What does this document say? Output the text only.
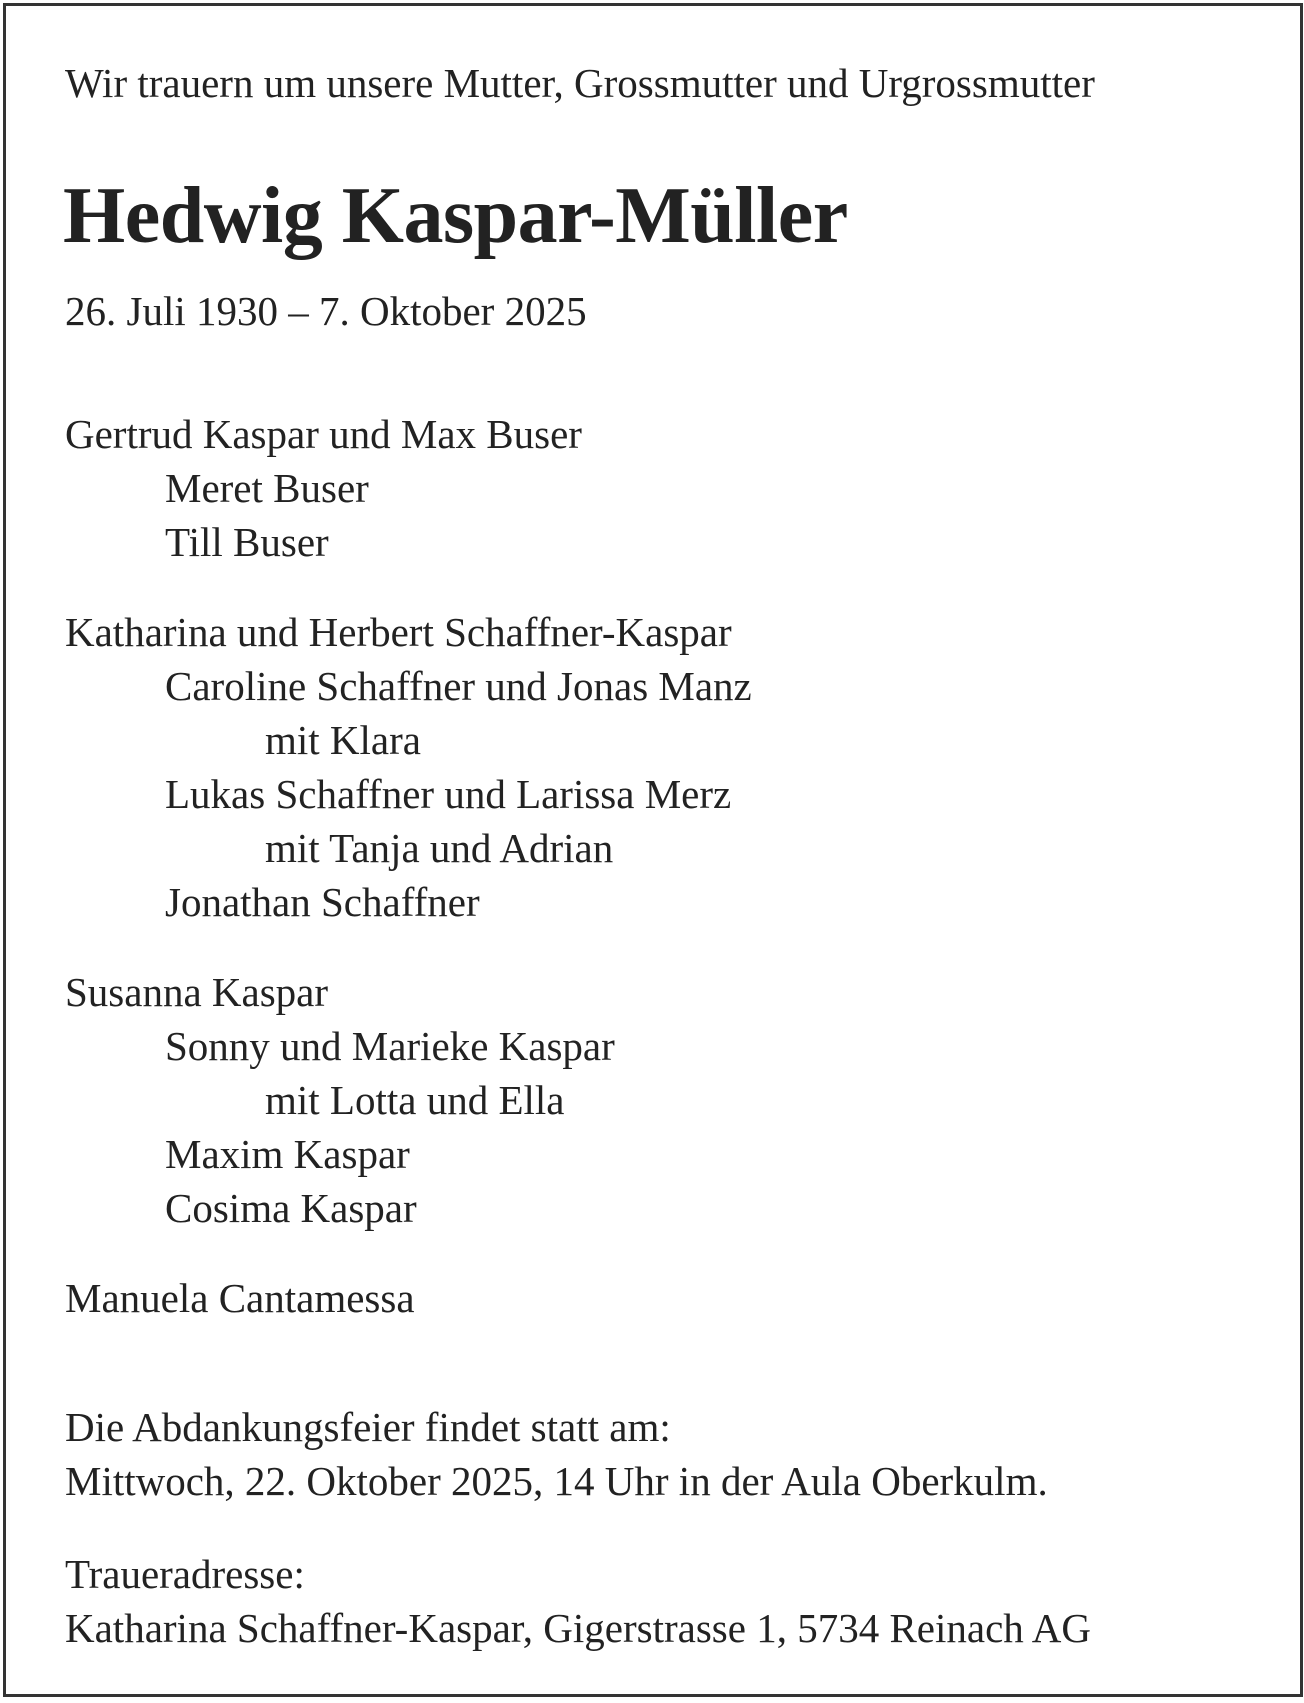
Wir trauern um unsere Mutter, Grossmutter und Urgrossmutter
Hedwig Kaspar-Müller
26. Juli 1930 – 7. Oktober 2025
Gertrud Kaspar und Max Buser
Meret Buser
Till Buser
Katharina und Herbert Schaffner-Kaspar
Caroline Schaffner und Jonas Manz
mit Klara
Lukas Schaffner und Larissa Merz
mit Tanja und Adrian
Jonathan Schaffner
Susanna Kaspar
Sonny und Marieke Kaspar
mit Lotta und Ella
Maxim Kaspar
Cosima Kaspar
Manuela Cantamessa
Die Abdankungsfeier findet statt am:
Mittwoch, 22. Oktober 2025, 14 Uhr in der Aula Oberkulm.
Traueradresse:
Katharina Schaffner-Kaspar, Gigerstrasse 1, 5734 Reinach AG
